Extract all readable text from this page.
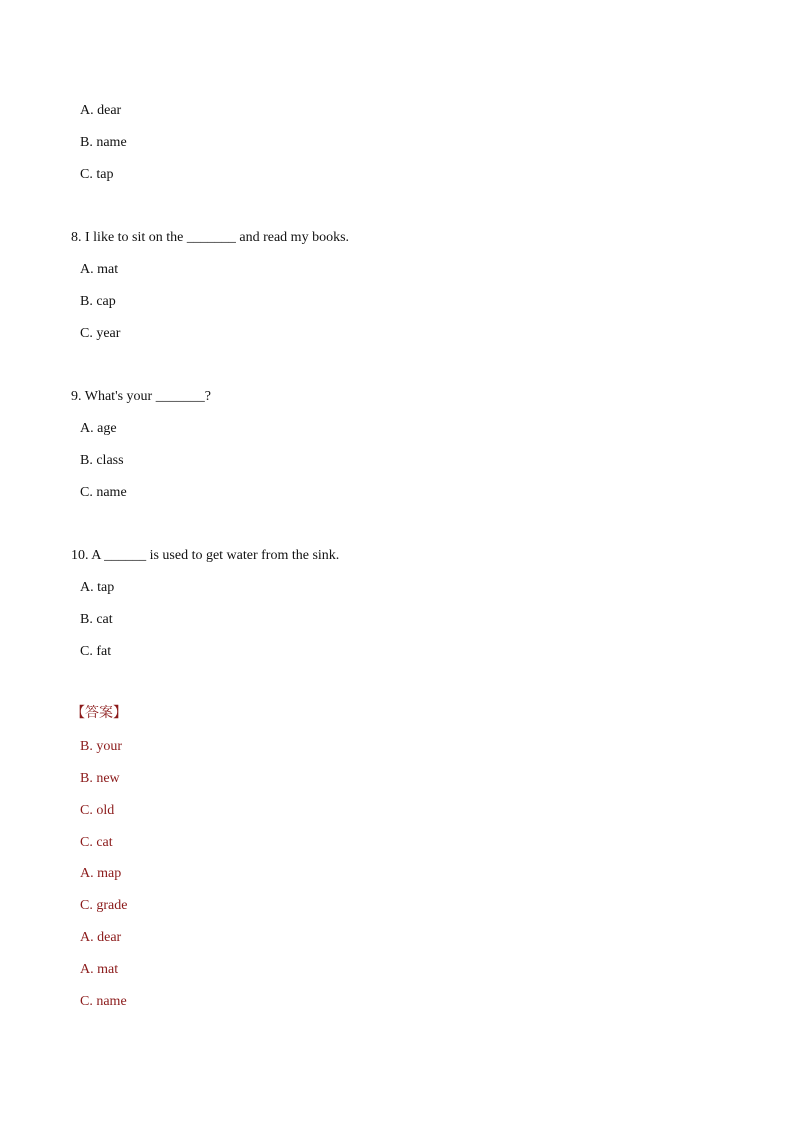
A. dear
B. name
C. tap
8. I like to sit on the _______ and read my books.
A. mat
B. cap
C. year
9. What's your _______?
A. age
B. class
C. name
10. A ______ is used to get water from the sink.
A. tap
B. cat
C. fat
【答案】
B. your
B. new
C. old
C. cat
A. map
C. grade
A. dear
A. mat
C. name
